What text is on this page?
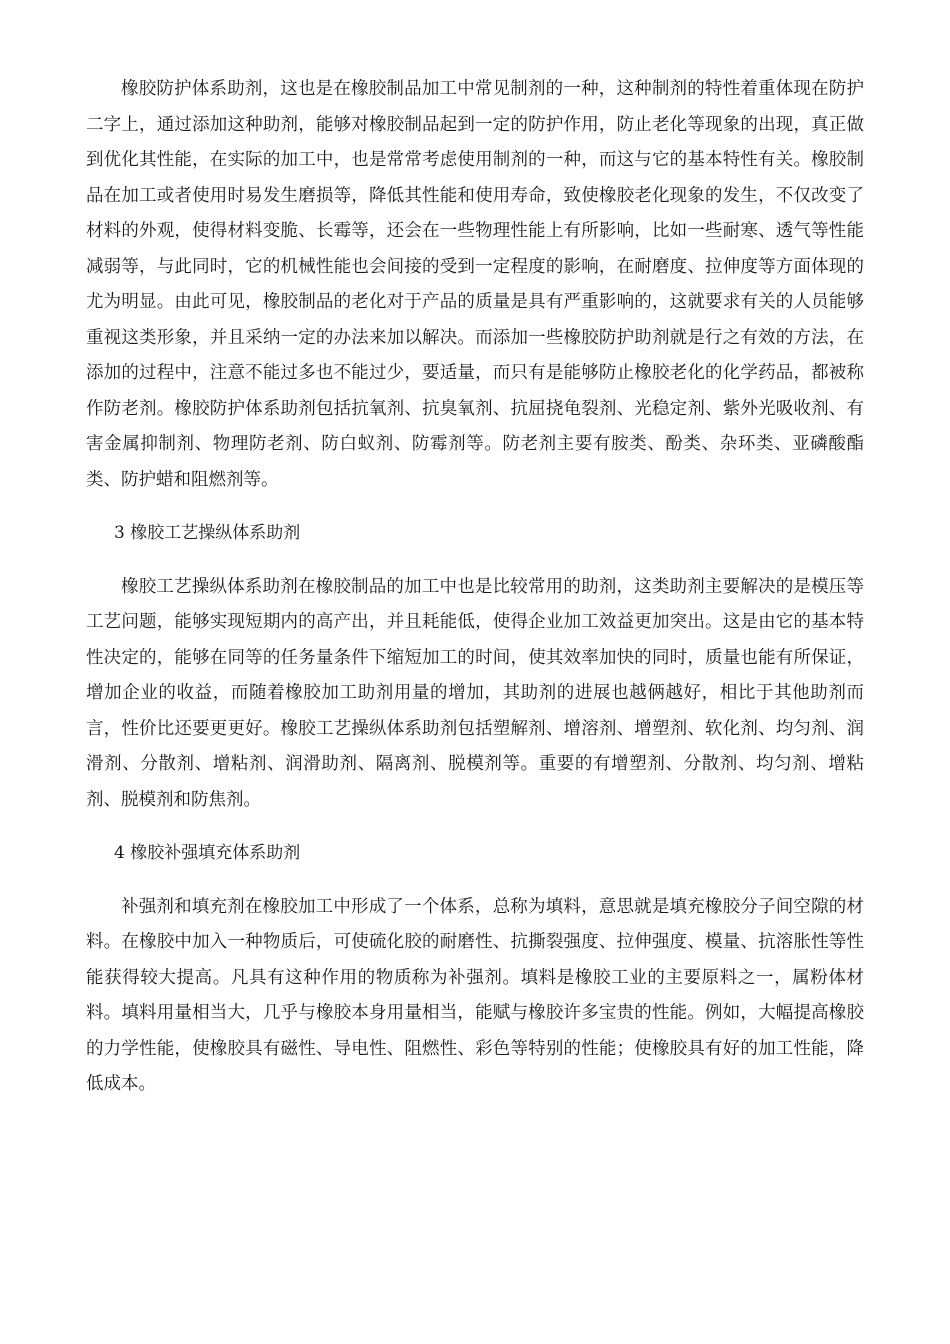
橡胶防护体系助剂，这也是在橡胶制品加工中常见制剂的一种，这种制剂的特性着重体现在防护二字上，通过添加这种助剂，能够对橡胶制品起到一定的防护作用，防止老化等现象的出现，真正做到优化其性能，在实际的加工中，也是常常考虑使用制剂的一种，而这与它的基本特性有关。橡胶制品在加工或者使用时易发生磨损等，降低其性能和使用寿命，致使橡胶老化现象的发生，不仅改变了材料的外观，使得材料变脆、长霉等，还会在一些物理性能上有所影响，比如一些耐寒、透气等性能减弱等，与此同时，它的机械性能也会间接的受到一定程度的影响，在耐磨度、拉伸度等方面体现的尤为明显。由此可见，橡胶制品的老化对于产品的质量是具有严重影响的，这就要求有关的人员能够重视这类形象，并且采纳一定的办法来加以解决。而添加一些橡胶防护助剂就是行之有效的方法，在添加的过程中，注意不能过多也不能过少，要适量，而只有是能够防止橡胶老化的化学药品，都被称作防老剂。橡胶防护体系助剂包括抗氧剂、抗臭氧剂、抗屈挠龟裂剂、光稳定剂、紫外光吸收剂、有害金属抑制剂、物理防老剂、防白蚁剂、防霉剂等。防老剂主要有胺类、酚类、杂环类、亚磷酸酯类、防护蜡和阻燃剂等。

3 橡胶工艺操纵体系助剂

橡胶工艺操纵体系助剂在橡胶制品的加工中也是比较常用的助剂，这类助剂主要解决的是模压等工艺问题，能够实现短期内的高产出，并且耗能低，使得企业加工效益更加突出。这是由它的基本特性决定的，能够在同等的任务量条件下缩短加工的时间，使其效率加快的同时，质量也能有所保证，增加企业的收益，而随着橡胶加工助剂用量的增加，其助剂的进展也越俩越好，相比于其他助剂而言，性价比还要更更好。橡胶工艺操纵体系助剂包括塑解剂、增溶剂、增塑剂、软化剂、均匀剂、润滑剂、分散剂、增粘剂、润滑助剂、隔离剂、脱模剂等。重要的有增塑剂、分散剂、均匀剂、增粘剂、脱模剂和防焦剂。

4 橡胶补强填充体系助剂

补强剂和填充剂在橡胶加工中形成了一个体系，总称为填料，意思就是填充橡胶分子间空隙的材料。在橡胶中加入一种物质后，可使硫化胶的耐磨性、抗撕裂强度、拉伸强度、模量、抗溶胀性等性能获得较大提高。凡具有这种作用的物质称为补强剂。填料是橡胶工业的主要原料之一，属粉体材料。填料用量相当大，几乎与橡胶本身用量相当，能赋与橡胶许多宝贵的性能。例如，大幅提高橡胶的力学性能，使橡胶具有磁性、导电性、阻燃性、彩色等特别的性能；使橡胶具有好的加工性能，降低成本。
